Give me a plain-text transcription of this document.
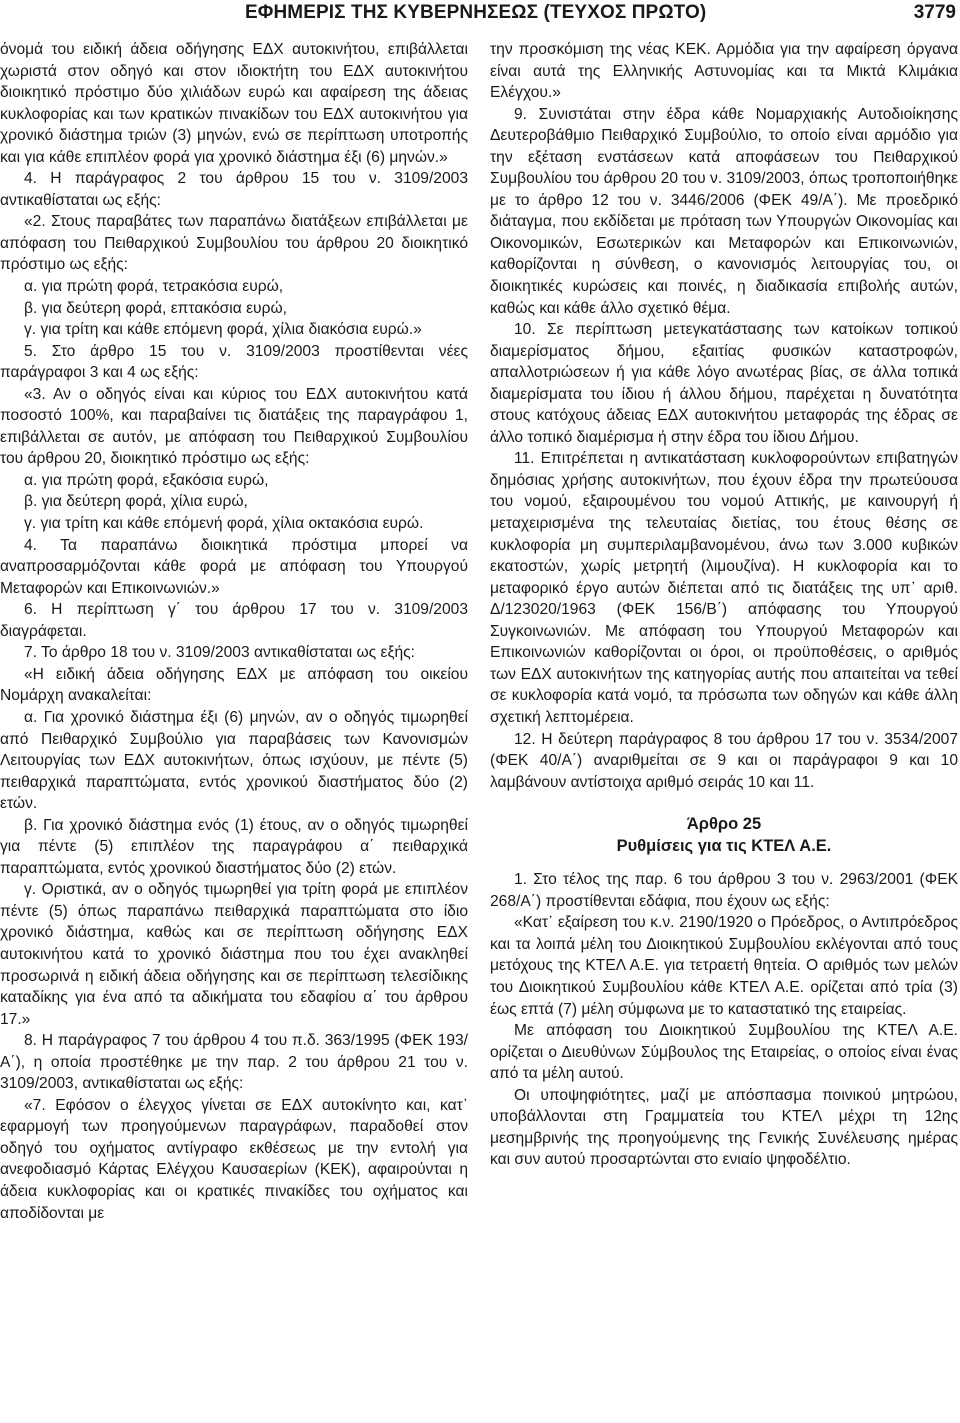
ΕΦΗΜΕΡΙΣ ΤΗΣ ΚΥΒΕΡΝΗΣΕΩΣ (ΤΕΥΧΟΣ ΠΡΩΤΟ)	3779

όνομά του ειδική άδεια οδήγησης ΕΔΧ αυτοκινήτου, επιβάλλεται χωριστά στον οδηγό και στον ιδιοκτήτη του ΕΔΧ αυτοκινήτου διοικητικό πρόστιμο δύο χιλιάδων ευρώ και αφαίρεση της άδειας κυκλοφορίας και των κρατικών πινακίδων του ΕΔΧ αυτοκινήτου για χρονικό διάστημα τριών (3) μηνών, ενώ σε περίπτωση υποτροπής και για κάθε επιπλέον φορά για χρονικό διάστημα έξι (6) μηνών.»

4. Η παράγραφος 2 του άρθρου 15 του ν. 3109/2003 αντικαθίσταται ως εξής:

«2. Στους παραβάτες των παραπάνω διατάξεων επιβάλλεται με απόφαση του Πειθαρχικού Συμβουλίου του άρθρου 20 διοικητικό πρόστιμο ως εξής:

α. για πρώτη φορά, τετρακόσια ευρώ,

β. για δεύτερη φορά, επτακόσια ευρώ,

γ. για τρίτη και κάθε επόμενη φορά, χίλια διακόσια ευρώ.»

5. Στο άρθρο 15 του ν. 3109/2003 προστίθενται νέες παράγραφοι 3 και 4 ως εξής:

«3. Αν ο οδηγός είναι και κύριος του ΕΔΧ αυτοκινήτου κατά ποσοστό 100%, και παραβαίνει τις διατάξεις της παραγράφου 1, επιβάλλεται σε αυτόν, με απόφαση του Πειθαρχικού Συμβουλίου του άρθρου 20, διοικητικό πρόστιμο ως εξής:

α. για πρώτη φορά, εξακόσια ευρώ,

β. για δεύτερη φορά, χίλια ευρώ,

γ. για τρίτη και κάθε επόμενή φορά, χίλια οκτακόσια ευρώ.

4. Τα παραπάνω διοικητικά πρόστιμα μπορεί να αναπροσαρμόζονται κάθε φορά με απόφαση του Υπουργού Μεταφορών και Επικοινωνιών.»

6. Η περίπτωση γ΄ του άρθρου 17 του ν. 3109/2003 διαγράφεται.

7. Το άρθρο 18 του ν. 3109/2003 αντικαθίσταται ως εξής:

«Η ειδική άδεια οδήγησης ΕΔΧ με απόφαση του οικείου Νομάρχη ανακαλείται:

α. Για χρονικό διάστημα έξι (6) μηνών, αν ο οδηγός τιμωρηθεί από Πειθαρχικό Συμβούλιο για παραβάσεις των Κανονισμών Λειτουργίας των ΕΔΧ αυτοκινήτων, όπως ισχύουν, με πέντε (5) πειθαρχικά παραπτώματα, εντός χρονικού διαστήματος δύο (2) ετών.

β. Για χρονικό διάστημα ενός (1) έτους, αν ο οδηγός τιμωρηθεί για πέντε (5) επιπλέον της παραγράφου α΄ πειθαρχικά παραπτώματα, εντός χρονικού διαστήματος δύο (2) ετών.

γ. Οριστικά, αν ο οδηγός τιμωρηθεί για τρίτη φορά με επιπλέον πέντε (5) όπως παραπάνω πειθαρχικά παραπτώματα στο ίδιο χρονικό διάστημα, καθώς και σε περίπτωση οδήγησης ΕΔΧ αυτοκινήτου κατά το χρονικό διάστημα που του έχει ανακληθεί προσωρινά η ειδική άδεια οδήγησης και σε περίπτωση τελεσίδικης καταδίκης για ένα από τα αδικήματα του εδαφίου α΄ του άρθρου 17.»

8. Η παράγραφος 7 του άρθρου 4 του π.δ. 363/1995 (ΦΕΚ 193/Α΄), η οποία προστέθηκε με την παρ. 2 του άρθρου 21 του ν. 3109/2003, αντικαθίσταται ως εξής:

«7. Εφόσον ο έλεγχος γίνεται σε ΕΔΧ αυτοκίνητο και, κατ᾽ εφαρμογή των προηγούμενων παραγράφων, παραδοθεί στον οδηγό του οχήματος αντίγραφο εκθέσεως με την εντολή για ανεφοδιασμό Κάρτας Ελέγχου Καυσαερίων (ΚΕΚ), αφαιρούνται η άδεια κυκλοφορίας και οι κρατικές πινακίδες του οχήματος και αποδίδονται με

την προσκόμιση της νέας ΚΕΚ. Αρμόδια για την αφαίρεση όργανα είναι αυτά της Ελληνικής Αστυνομίας και τα Μικτά Κλιμάκια Ελέγχου.»

9. Συνιστάται στην έδρα κάθε Νομαρχιακής Αυτοδιοίκησης Δευτεροβάθμιο Πειθαρχικό Συμβούλιο, το οποίο είναι αρμόδιο για την εξέταση ενστάσεων κατά αποφάσεων του Πειθαρχικού Συμβουλίου του άρθρου 20 του ν. 3109/2003, όπως τροποποιήθηκε με το άρθρο 12 του ν. 3446/2006 (ΦΕΚ 49/Α΄). Με προεδρικό διάταγμα, που εκδίδεται με πρόταση των Υπουργών Οικονομίας και Οικονομικών, Εσωτερικών και Μεταφορών και Επικοινωνιών, καθορίζονται η σύνθεση, ο κανονισμός λειτουργίας του, οι διοικητικές κυρώσεις και ποινές, η διαδικασία επιβολής αυτών, καθώς και κάθε άλλο σχετικό θέμα.

10. Σε περίπτωση μετεγκατάστασης των κατοίκων τοπικού διαμερίσματος δήμου, εξαιτίας φυσικών καταστροφών, απαλλοτριώσεων ή για κάθε λόγο ανωτέρας βίας, σε άλλα τοπικά διαμερίσματα του ίδιου ή άλλου δήμου, παρέχεται η δυνατότητα στους κατόχους άδειας ΕΔΧ αυτοκινήτου μεταφοράς της έδρας σε άλλο τοπικό διαμέρισμα ή στην έδρα του ίδιου Δήμου.

11. Επιτρέπεται η αντικατάσταση κυκλοφορούντων επιβατηγών δημόσιας χρήσης αυτοκινήτων, που έχουν έδρα την πρωτεύουσα του νομού, εξαιρουμένου του νομού Αττικής, με καινουργή ή μεταχειρισμένα της τελευταίας διετίας, του έτους θέσης σε κυκλοφορία μη συμπεριλαμβανομένου, άνω των 3.000 κυβικών εκατοστών, χωρίς μετρητή (λιμουζίνα). Η κυκλοφορία και το μεταφορικό έργο αυτών διέπεται από τις διατάξεις της υπ᾽ αριθ. Δ/123020/1963 (ΦΕΚ 156/Β΄) απόφασης του Υπουργού Συγκοινωνιών. Με απόφαση του Υπουργού Μεταφορών και Επικοινωνιών καθορίζονται οι όροι, οι προϋποθέσεις, ο αριθμός των ΕΔΧ αυτοκινήτων της κατηγορίας αυτής που απαιτείται να τεθεί σε κυκλοφορία κατά νομό, τα πρόσωπα των οδηγών και κάθε άλλη σχετική λεπτομέρεια.

12. Η δεύτερη παράγραφος 8 του άρθρου 17 του ν. 3534/2007 (ΦΕΚ 40/Α΄) αναριθμείται σε 9 και οι παράγραφοι 9 και 10 λαμβάνουν αντίστοιχα αριθμό σειράς 10 και 11.

Άρθρο 25

Ρυθμίσεις για τις ΚΤΕΛ Α.Ε.

1. Στο τέλος της παρ. 6 του άρθρου 3 του ν. 2963/2001 (ΦΕΚ 268/Α΄) προστίθενται εδάφια, που έχουν ως εξής:

«Κατ᾽ εξαίρεση του κ.ν. 2190/1920 ο Πρόεδρος, ο Αντιπρόεδρος και τα λοιπά μέλη του Διοικητικού Συμβουλίου εκλέγονται από τους μετόχους της ΚΤΕΛ Α.Ε. για τετραετή θητεία. Ο αριθμός των μελών του Διοικητικού Συμβουλίου κάθε ΚΤΕΛ Α.Ε. ορίζεται από τρία (3) έως επτά (7) μέλη σύμφωνα με το καταστατικό της εταιρείας.

Με απόφαση του Διοικητικού Συμβουλίου της ΚΤΕΛ Α.Ε. ορίζεται ο Διευθύνων Σύμβουλος της Εταιρείας, ο οποίος είναι ένας από τα μέλη αυτού.

Οι υποψηφιότητες, μαζί με απόσπασμα ποινικού μητρώου, υποβάλλονται στη Γραμματεία του ΚΤΕΛ μέχρι τη 12ης μεσημβρινής της προηγούμενης της Γενικής Συνέλευσης ημέρας και συν αυτού προσαρτώνται στο ενιαίο ψηφοδέλτιο.
